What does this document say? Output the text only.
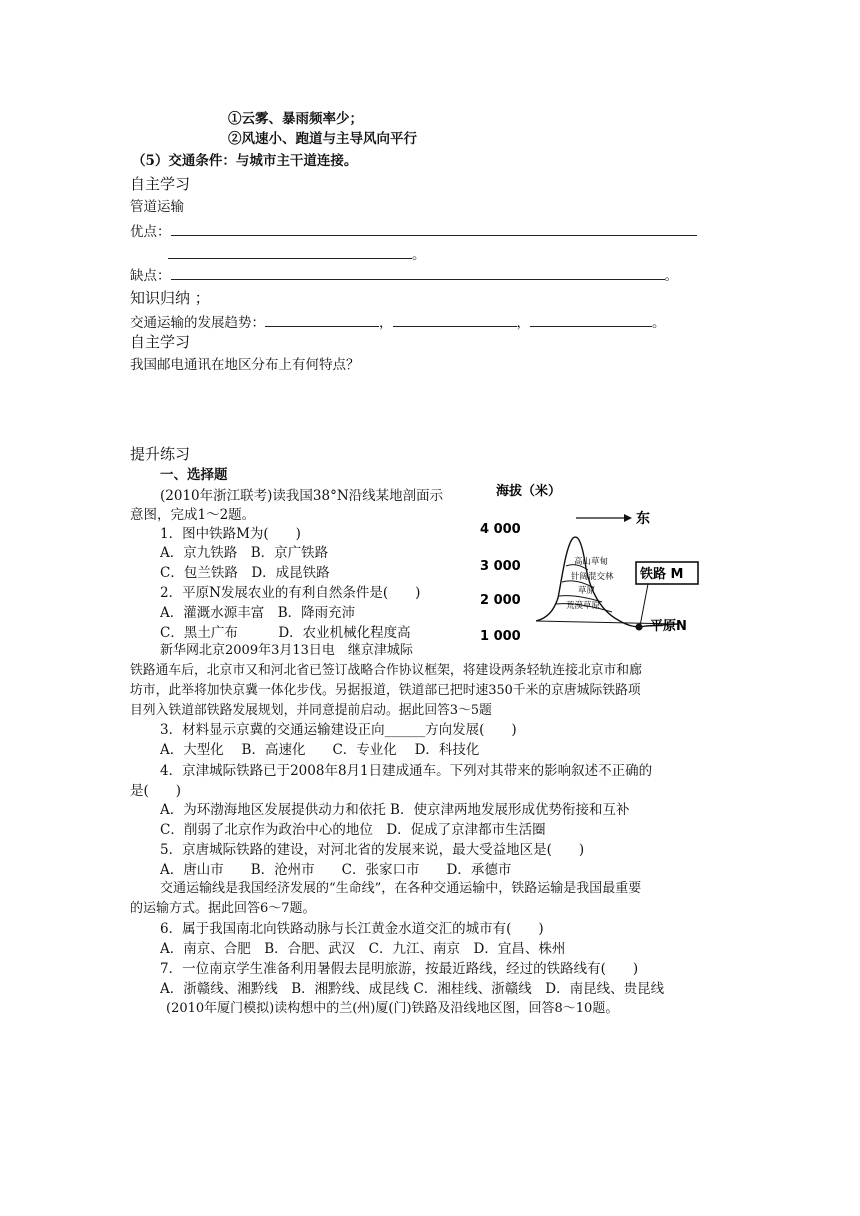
①云雾、暴雨频率少；
②风速小、跑道与主导风向平行
（5）交通条件：与城市主干道连接。
自主学习
管道运输
优点：
。
缺点：	。
知识归纳 ；
交通运输的发展趋势：	，	，	。
自主学习
我国邮电通讯在地区分布上有何特点？
提升练习
一、选择题
(2010年浙江联考)读我国38°N沿线某地剖面示
意图，完成1～2题。
1．图中铁路M为(　　)
A．京九铁路　B．京广铁路
C．包兰铁路　D．成昆铁路
2．平原N发展农业的有利自然条件是(　　)
A．灌溉水源丰富　B．降雨充沛
C．黑土广布　　　D．农业机械化程度高
新华网北京2009年3月13日电　继京津城际
铁路通车后，北京市又和河北省已签订战略合作协议框架，将建设两条轻轨连接北京市和廊
坊市，此举将加快京冀一体化步伐。另据报道，铁道部已把时速350千米的京唐城际铁路项
目列入铁道部铁路发展规划，并同意提前启动。据此回答3～5题
3．材料显示京冀的交通运输建设正向______方向发展(　　)
A．大型化　 B．高速化　　C．专业化　 D．科技化
4．京津城际铁路已于2008年8月1日建成通车。下列对其带来的影响叙述不正确的
是(　　)
A．为环渤海地区发展提供动力和依托 B．使京津两地发展形成优势衔接和互补
C．削弱了北京作为政治中心的地位　D．促成了京津都市生活圈
5．京唐城际铁路的建设，对河北省的发展来说，最大受益地区是(　　)
A．唐山市　　B．沧州市　　C．张家口市　　D．承德市
交通运输线是我国经济发展的“生命线”，在各种交通运输中，铁路运输是我国最重要
的运输方式。据此回答6～7题。
6．属于我国南北向铁路动脉与长江黄金水道交汇的城市有(　　)
A．南京、合肥　B．合肥、武汉　C．九江、南京　D．宜昌、株州
7．一位南京学生准备利用暑假去昆明旅游，按最近路线，经过的铁路线有(　　)
A．浙赣线、湘黔线　B．湘黔线、成昆线 C．湘桂线、浙赣线　D．南昆线、贵昆线
(2010年厦门模拟)读构想中的兰(州)厦(门)铁路及沿线地区图，回答8～10题。
海拔（米）
4 000
3 000
2 000
1 000
东
高山草甸
针阔混交林
草原
荒漠草原
铁路 M
平原N
